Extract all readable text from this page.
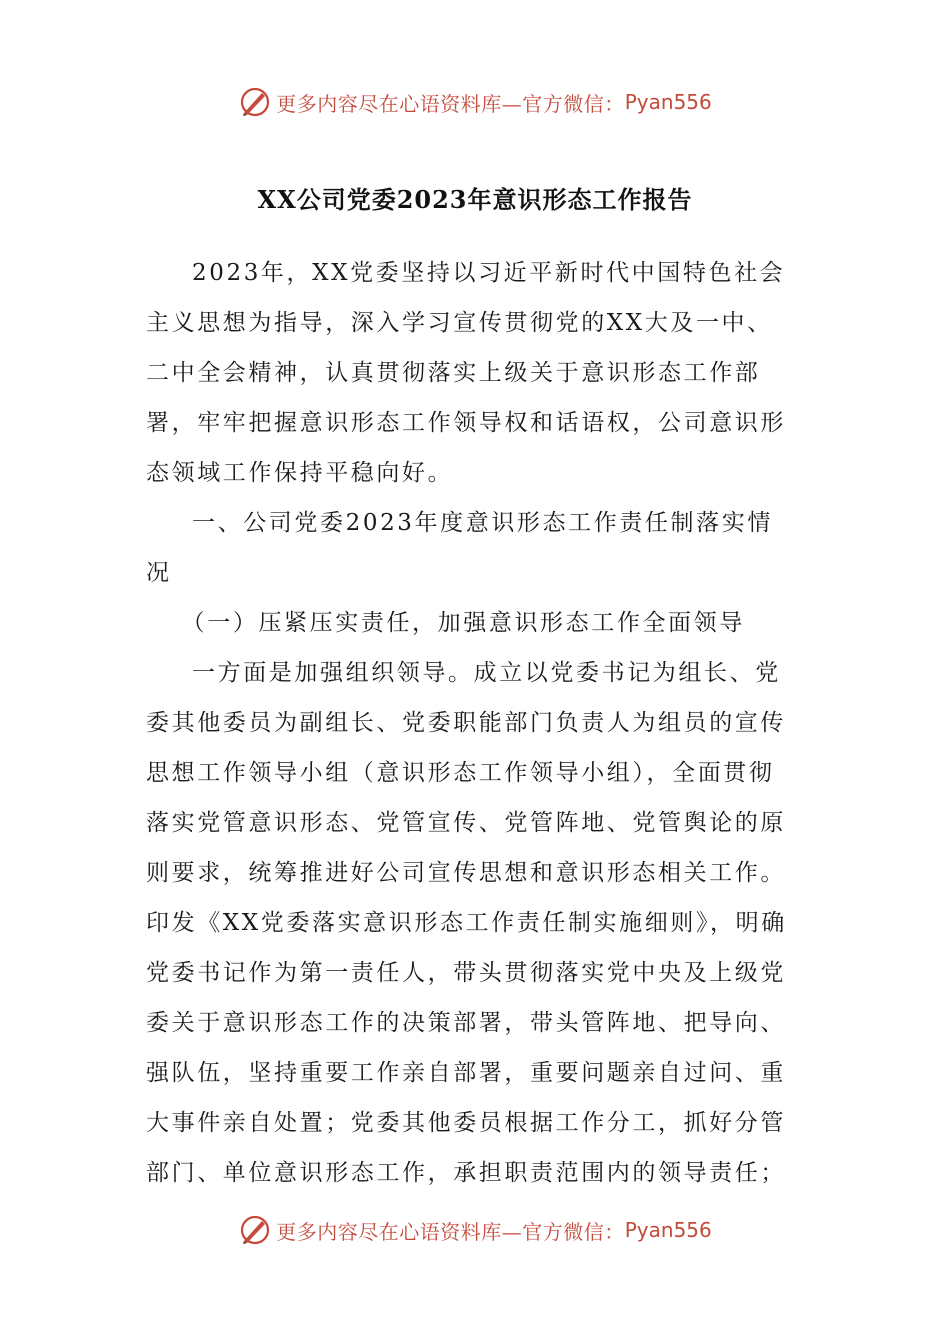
更多内容尽在心语资料库—官方微信： Pyan556
XX公司党委2023年意识形态工作报告

2023年，XX党委坚持以习近平新时代中国特色社会主义思想为指导，深入学习宣传贯彻党的XX大及一中、二中全会精神，认真贯彻落实上级关于意识形态工作部署，牢牢把握意识形态工作领导权和话语权，公司意识形态领域工作保持平稳向好。

一、公司党委2023年度意识形态工作责任制落实情况

（一）压紧压实责任，加强意识形态工作全面领导

一方面是加强组织领导。成立以党委书记为组长、党委其他委员为副组长、党委职能部门负责人为组员的宣传思想工作领导小组（意识形态工作领导小组），全面贯彻落实党管意识形态、党管宣传、党管阵地、党管舆论的原则要求，统筹推进好公司宣传思想和意识形态相关工作。印发《XX党委落实意识形态工作责任制实施细则》，明确党委书记作为第一责任人，带头贯彻落实党中央及上级党委关于意识形态工作的决策部署，带头管阵地、把导向、强队伍，坚持重要工作亲自部署，重要问题亲自过问、重大事件亲自处置；党委其他委员根据工作分工，抓好分管部门、单位意识形态工作，承担职责范围内的领导责任；

更多内容尽在心语资料库—官方微信： Pyan556
